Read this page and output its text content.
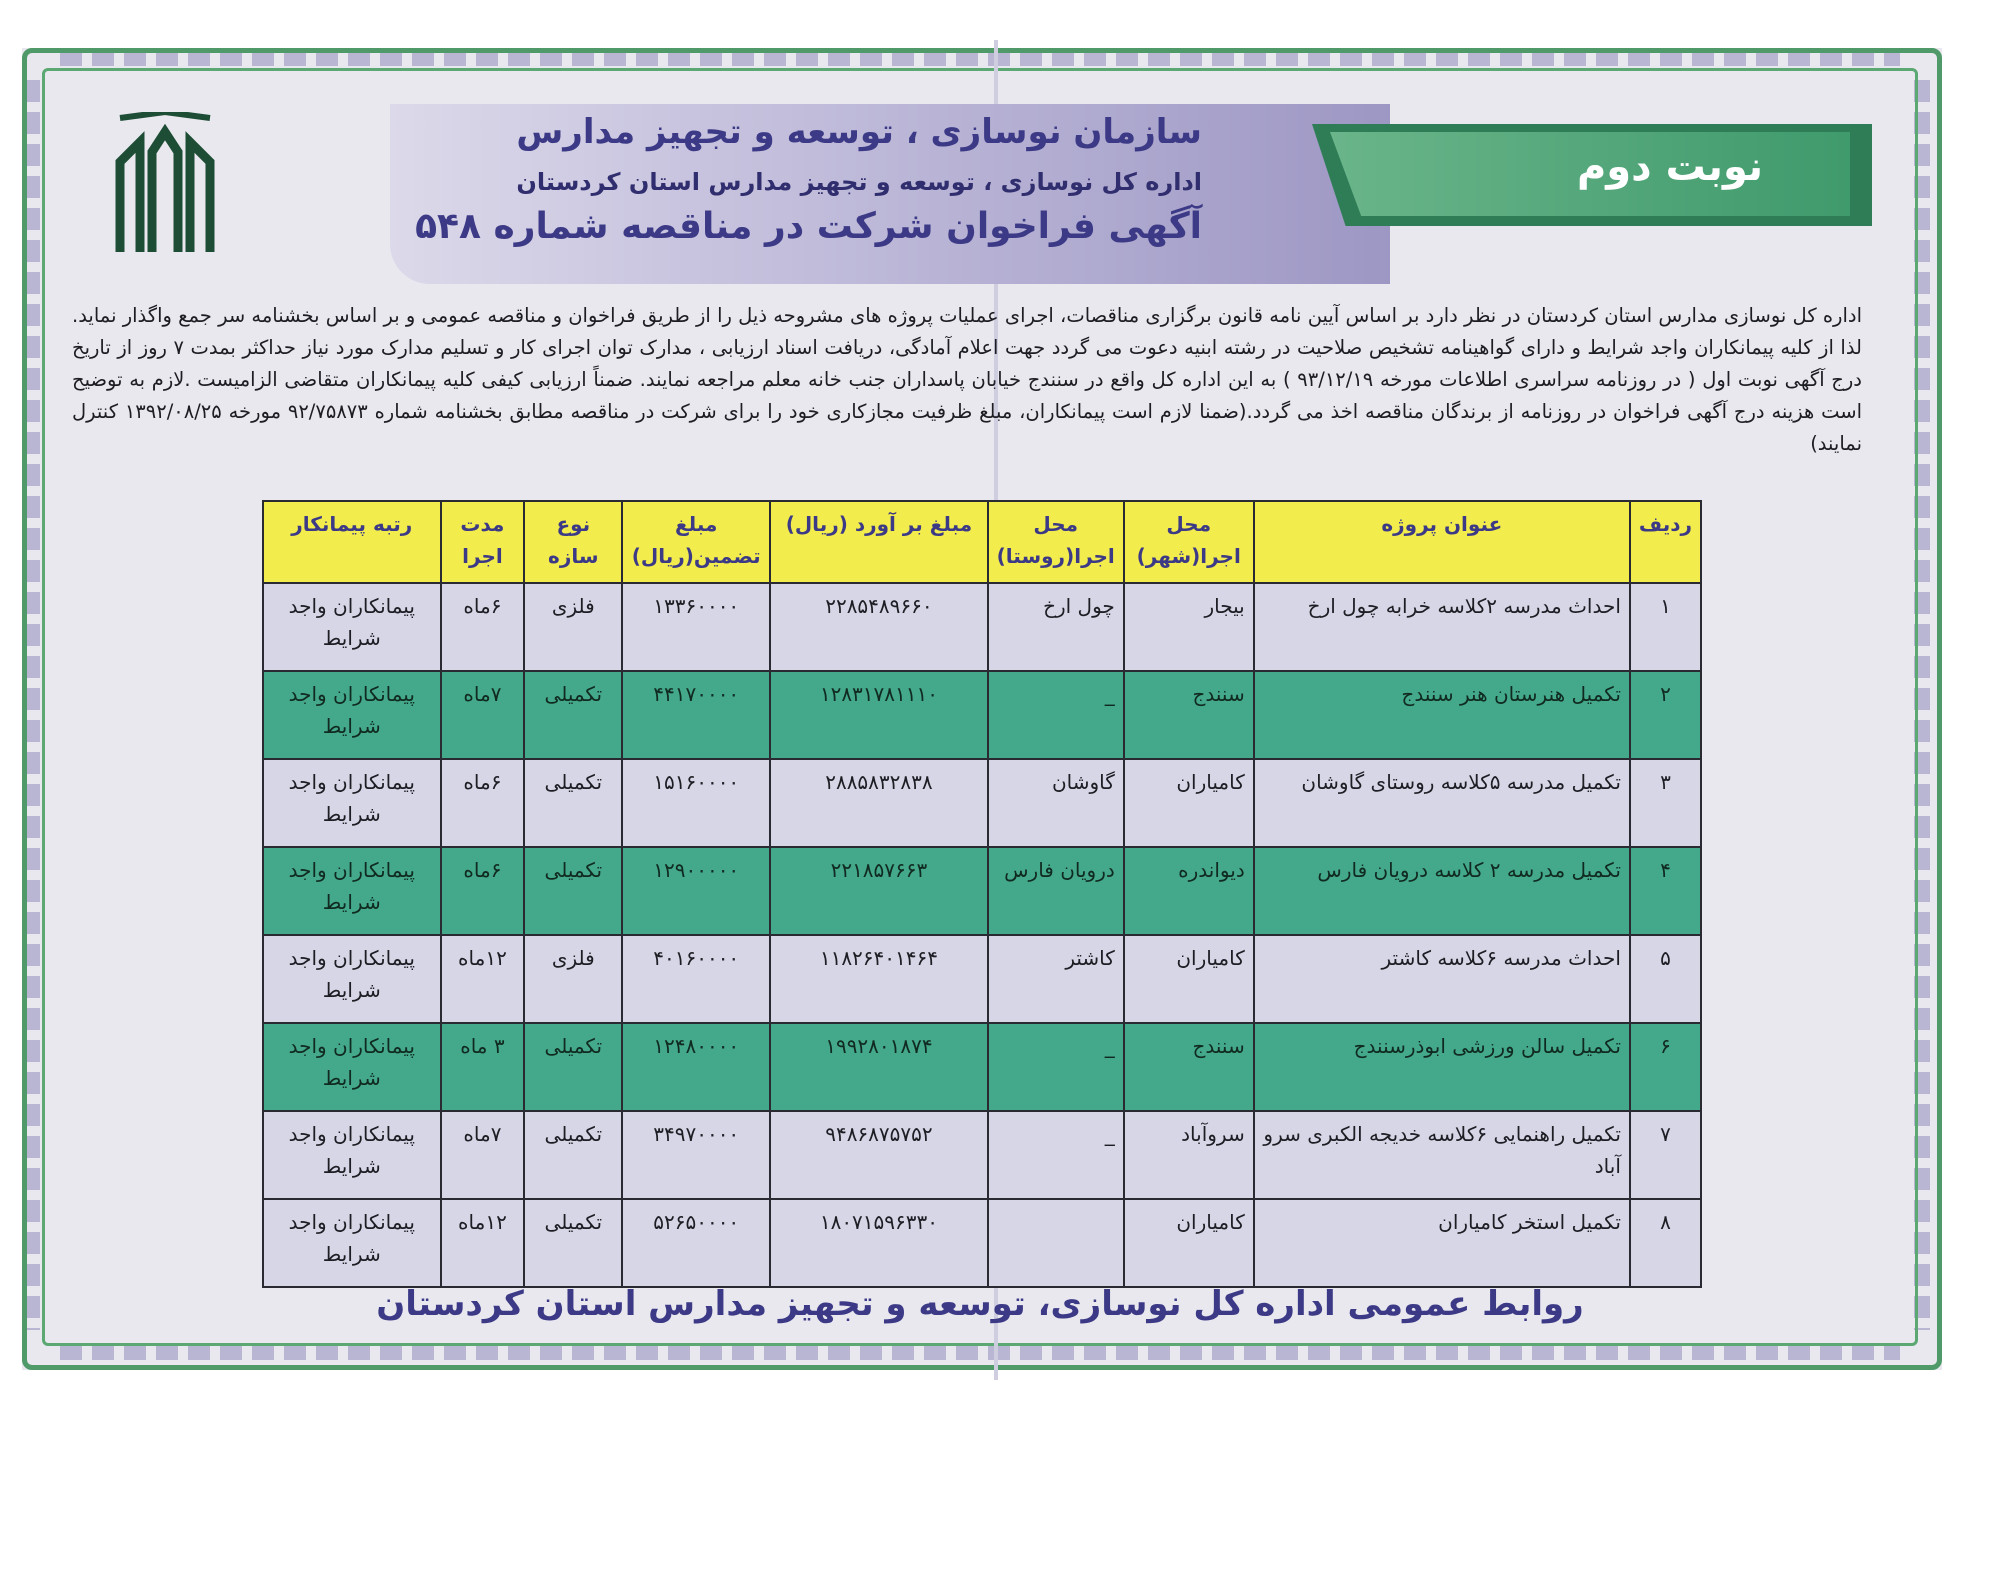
سازمان نوسازی ، توسعه و تجهیز مدارس
اداره کل نوسازی ، توسعه و تجهیز مدارس استان کردستان
آگهی فراخوان شرکت در مناقصه شماره ۵۴۸
نوبت دوم

اداره کل نوسازی مدارس استان کردستان در نظر دارد بر اساس آیین نامه قانون برگزاری مناقصات، اجرای عملیات پروژه های مشروحه ذیل را از طریق فراخوان و مناقصه عمومی و بر اساس بخشنامه سر جمع واگذار نماید. لذا از کلیه پیمانکاران واجد شرایط و دارای گواهینامه تشخیص صلاحیت در رشته ابنیه دعوت می گردد جهت اعلام آمادگی، دریافت اسناد ارزیابی ، مدارک توان اجرای کار و تسلیم مدارک مورد نیاز حداکثر بمدت ۷ روز از تاریخ درج آگهی نوبت اول ( در روزنامه سراسری اطلاعات مورخه ۹۳/۱۲/۱۹ ) به این اداره کل واقع در سنندج خیابان پاسداران جنب خانه معلم مراجعه نمایند. ضمناً ارزیابی کیفی کلیه پیمانکاران متقاضی الزامیست .لازم به توضیح است هزینه درج آگهی فراخوان در روزنامه از برندگان مناقصه اخذ می گردد.(ضمنا لازم است پیمانکاران، مبلغ ظرفیت مجازکاری خود را برای شرکت در مناقصه مطابق بخشنامه شماره ۹۲/۷۵۸۷۳ مورخه ۱۳۹۲/۰۸/۲۵ کنترل نمایند)

ردیف	عنوان پروژه	محل اجرا(شهر)	محل اجرا(روستا)	مبلغ بر آورد (ریال)	مبلغ تضمین(ریال)	نوع سازه	مدت اجرا	رتبه پیمانکار
۱	احداث مدرسه ۲کلاسه خرابه چول ارخ	بیجار	چول ارخ	۲۲۸۵۴۸۹۶۶۰	۱۳۳۶۰۰۰۰	فلزی	۶ماه	پیمانکاران واجد شرایط
۲	تکمیل هنرستان هنر سنندج	سنندج	_	۱۲۸۳۱۷۸۱۱۱۰	۴۴۱۷۰۰۰۰	تکمیلی	۷ماه	پیمانکاران واجد شرایط
۳	تکمیل مدرسه ۵کلاسه روستای گاوشان	کامیاران	گاوشان	۲۸۸۵۸۳۲۸۳۸	۱۵۱۶۰۰۰۰	تکمیلی	۶ماه	پیمانکاران واجد شرایط
۴	تکمیل مدرسه ۲ کلاسه درویان فارس	دیواندره	درویان فارس	۲۲۱۸۵۷۶۶۳	۱۲۹۰۰۰۰۰	تکمیلی	۶ماه	پیمانکاران واجد شرایط
۵	احداث مدرسه ۶کلاسه کاشتر	کامیاران	کاشتر	۱۱۸۲۶۴۰۱۴۶۴	۴۰۱۶۰۰۰۰	فلزی	۱۲ماه	پیمانکاران واجد شرایط
۶	تکمیل سالن ورزشی ابوذرسنندج	سنندج	_	۱۹۹۲۸۰۱۸۷۴	۱۲۴۸۰۰۰۰	تکمیلی	۳ ماه	پیمانکاران واجد شرایط
۷	تکمیل راهنمایی ۶کلاسه خدیجه الکبری سرو آباد	سروآباد	_	۹۴۸۶۸۷۵۷۵۲	۳۴۹۷۰۰۰۰	تکمیلی	۷ماه	پیمانکاران واجد شرایط
۸	تکمیل استخر کامیاران	کامیاران		۱۸۰۷۱۵۹۶۳۳۰	۵۲۶۵۰۰۰۰	تکمیلی	۱۲ماه	پیمانکاران واجد شرایط
روابط عمومی اداره کل نوسازی، توسعه و تجهیز مدارس استان کردستان
